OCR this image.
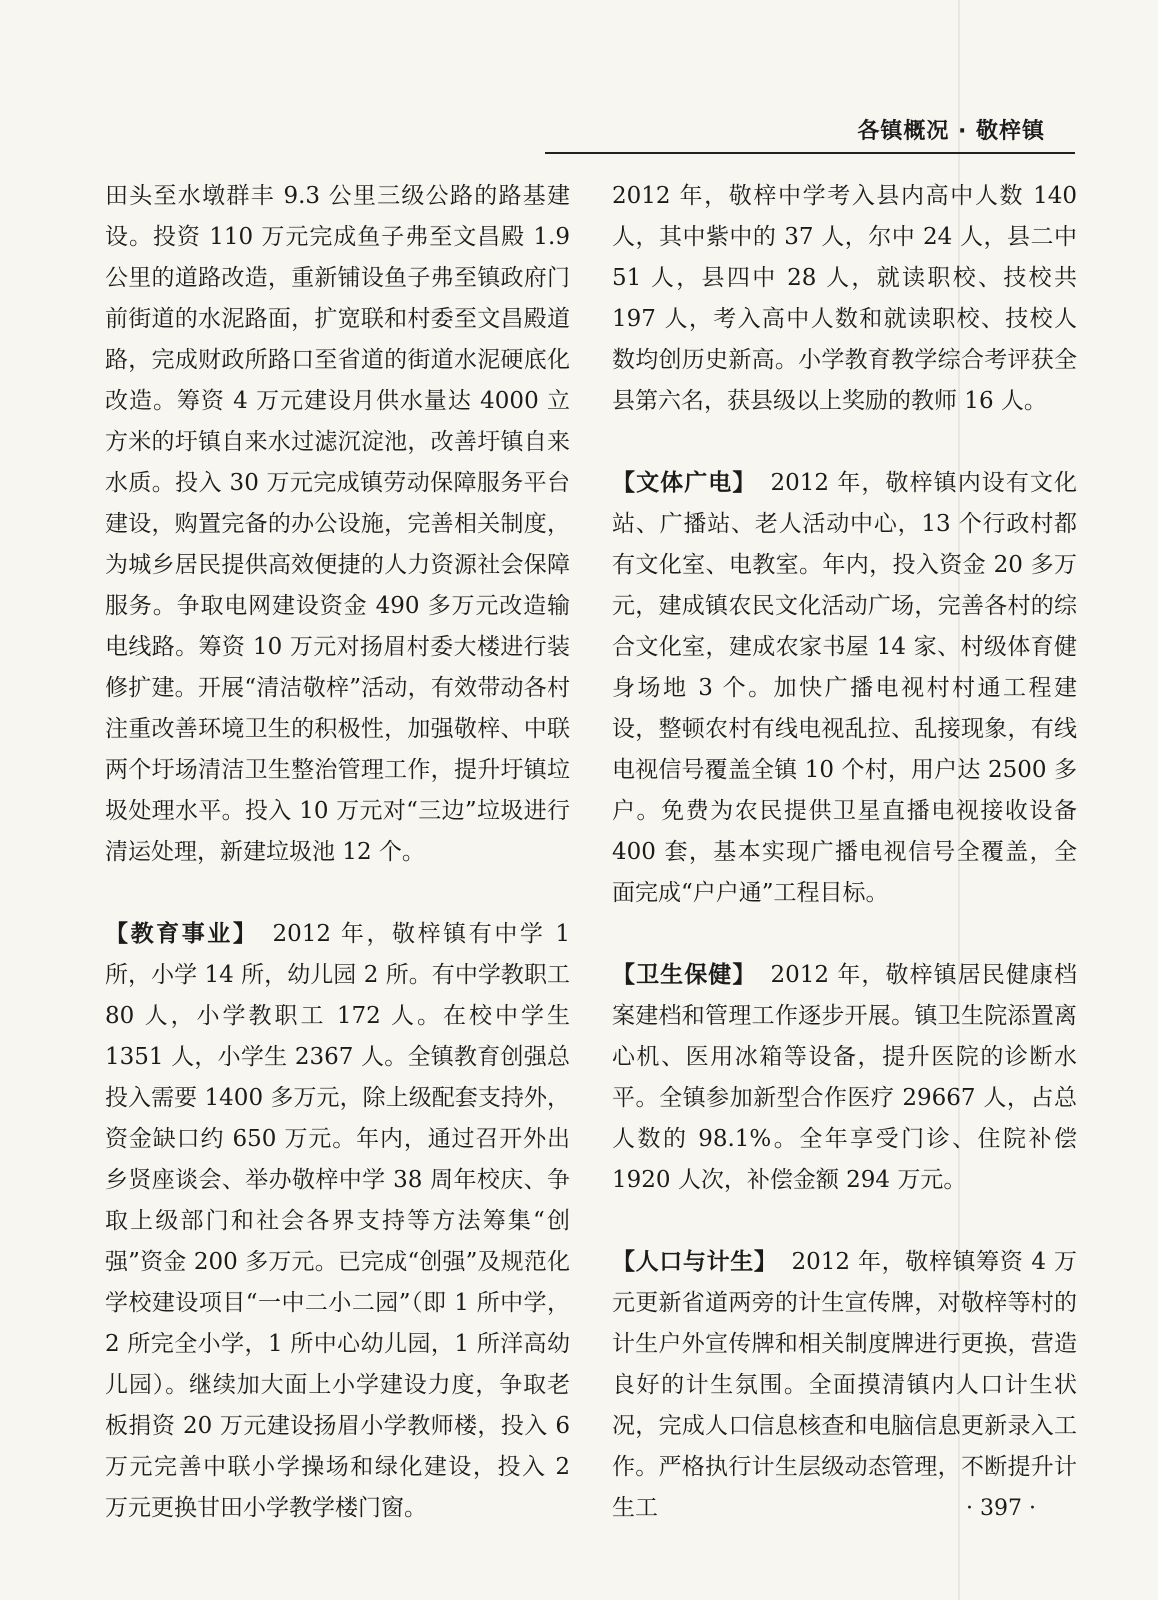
各镇概况 · 敬梓镇

田头至水墩群丰 9.3 公里三级公路的路基建设。投资 110 万元完成鱼子弗至文昌殿 1.9 公里的道路改造，重新铺设鱼子弗至镇政府门前街道的水泥路面，扩宽联和村委至文昌殿道路，完成财政所路口至省道的街道水泥硬底化改造。筹资 4 万元建设月供水量达 4000 立方米的圩镇自来水过滤沉淀池，改善圩镇自来水质。投入 30 万元完成镇劳动保障服务平台建设，购置完备的办公设施，完善相关制度，为城乡居民提供高效便捷的人力资源社会保障服务。争取电网建设资金 490 多万元改造输电线路。筹资 10 万元对扬眉村委大楼进行装修扩建。开展“清洁敬梓”活动，有效带动各村注重改善环境卫生的积极性，加强敬梓、中联两个圩场清洁卫生整治管理工作，提升圩镇垃圾处理水平。投入 10 万元对“三边”垃圾进行清运处理，新建垃圾池 12 个。

【教育事业】 2012 年，敬梓镇有中学 1 所，小学 14 所，幼儿园 2 所。有中学教职工 80 人，小学教职工 172 人。在校中学生 1351 人，小学生 2367 人。全镇教育创强总投入需要 1400 多万元，除上级配套支持外，资金缺口约 650 万元。年内，通过召开外出乡贤座谈会、举办敬梓中学 38 周年校庆、争取上级部门和社会各界支持等方法筹集“创强”资金 200 多万元。已完成“创强”及规范化学校建设项目“一中二小二园”（即 1 所中学，2 所完全小学，1 所中心幼儿园，1 所洋高幼儿园）。继续加大面上小学建设力度，争取老板捐资 20 万元建设扬眉小学教师楼，投入 6 万元完善中联小学操场和绿化建设，投入 2 万元更换甘田小学教学楼门窗。

2012 年，敬梓中学考入县内高中人数 140 人，其中紫中的 37 人，尔中 24 人，县二中 51 人，县四中 28 人，就读职校、技校共 197 人，考入高中人数和就读职校、技校人数均创历史新高。小学教育教学综合考评获全县第六名，获县级以上奖励的教师 16 人。

【文体广电】 2012 年，敬梓镇内设有文化站、广播站、老人活动中心，13 个行政村都有文化室、电教室。年内，投入资金 20 多万元，建成镇农民文化活动广场，完善各村的综合文化室，建成农家书屋 14 家、村级体育健身场地 3 个。加快广播电视村村通工程建设，整顿农村有线电视乱拉、乱接现象，有线电视信号覆盖全镇 10 个村，用户达 2500 多户。免费为农民提供卫星直播电视接收设备 400 套，基本实现广播电视信号全覆盖，全面完成“户户通”工程目标。

【卫生保健】 2012 年，敬梓镇居民健康档案建档和管理工作逐步开展。镇卫生院添置离心机、医用冰箱等设备，提升医院的诊断水平。全镇参加新型合作医疗 29667 人，占总人数的 98.1%。全年享受门诊、住院补偿 1920 人次，补偿金额 294 万元。

【人口与计生】 2012 年，敬梓镇筹资 4 万元更新省道两旁的计生宣传牌，对敬梓等村的计生户外宣传牌和相关制度牌进行更换，营造良好的计生氛围。全面摸清镇内人口计生状况，完成人口信息核查和电脑信息更新录入工作。严格执行计生层级动态管理，不断提升计生工	· 397 ·
